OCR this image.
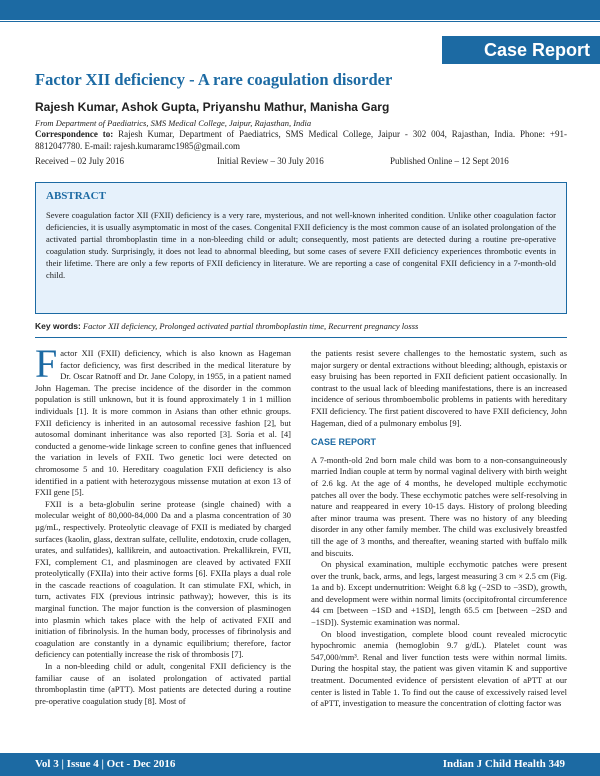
Case Report
Factor XII deficiency - A rare coagulation disorder
Rajesh Kumar, Ashok Gupta, Priyanshu Mathur, Manisha Garg
From Department of Paediatrics, SMS Medical College, Jaipur, Rajasthan, India
Correspondence to: Rajesh Kumar, Department of Paediatrics, SMS Medical College, Jaipur - 302 004, Rajasthan, India. Phone: +91-8812047780. E-mail: rajesh.kumaramc1985@gmail.com
Received – 02 July 2016	Initial Review – 30 July 2016	Published Online – 12 Sept 2016
ABSTRACT
Severe coagulation factor XII (FXII) deficiency is a very rare, mysterious, and not well-known inherited condition. Unlike other coagulation factor deficiencies, it is usually asymptomatic in most of the cases. Congenital FXII deficiency is the most common cause of an isolated prolongation of the activated partial thromboplastin time in a non-bleeding child or adult; consequently, most patients are detected during a routine pre-operative coagulation study. Surprisingly, it does not lead to abnormal bleeding, but some cases of severe FXII deficiency experiences thrombotic events in their lifetime. There are only a few reports of FXII deficiency in literature. We are reporting a case of congenital FXII deficiency in a 7-month-old child.
Key words: Factor XII deficiency, Prolonged activated partial thromboplastin time, Recurrent pregnancy losss

Factor XII (FXII) deficiency, which is also known as Hageman factor deficiency, was first described in the medical literature by Dr. Oscar Ratnoff and Dr. Jane Colopy, in 1955, in a patient named John Hageman. The precise incidence of the disorder in the common population is still unknown, but it is found approximately 1 in 1 million individuals [1]. It is more common in Asians than other ethnic groups. FXII deficiency is inherited in an autosomal recessive fashion [2], but autosomal dominant inheritance was also reported [3]. Soria et al. [4] conducted a genome-wide linkage screen to confine genes that influenced the variation in levels of FXII. Two genetic loci were detected on chromosome 5 and 10. Hereditary coagulation FXII deficiency is also identified in a patient with heterozygous missense mutation at exon 13 of FXII gene [5].

FXII is a beta-globulin serine protease (single chained) with a molecular weight of 80,000-84,000 Da and a plasma concentration of 30 µg/mL, respectively. Proteolytic cleavage of FXII is mediated by charged surfaces (kaolin, glass, dextran sulfate, cellulite, endotoxin, crude collagen, urates, and sulfatides), kallikrein, and autoactivation. Prekallikrein, FVII, FXI, complement C1, and plasminogen are cleaved by activated FXII proteolytically (FXIIa) into their active forms [6]. FXIIa plays a dual role in the cascade reactions of coagulation. It can stimulate FXI, which, in turn, activates FIX (previous intrinsic pathway); however, this is its marginal function. The major function is the conversion of plasminogen into plasmin which takes place with the help of activated FXII and initiation of fibrinolysis. In the human body, processes of fibrinolysis and coagulation are constantly in a dynamic equilibrium; therefore, factor deficiency can potentially increase the risk of thrombosis [7].

In a non-bleeding child or adult, congenital FXII deficiency is the familiar cause of an isolated prolongation of activated partial thromboplastin time (aPTT). Most patients are detected during a routine pre-operative coagulation study [8]. Most of

the patients resist severe challenges to the hemostatic system, such as major surgery or dental extractions without bleeding; although, epistaxis or easy bruising has been reported in FXII deficient patient occasionally. In contrast to the usual lack of bleeding manifestations, there is an increased incidence of serious thromboembolic problems in patients with hereditary FXII deficiency. The first patient discovered to have FXII deficiency, John Hageman, died of a pulmonary embolus [9].

CASE REPORT

A 7-month-old 2nd born male child was born to a non-consanguineously married Indian couple at term by normal vaginal delivery with birth weight of 2.6 kg. At the age of 4 months, he developed multiple ecchymotic patches all over the body. These ecchymotic patches were self-resolving in nature and reappeared in every 10-15 days. History of prolong bleeding after minor trauma was present. There was no history of any bleeding disorder in any other family member. The child was exclusively breastfed till the age of 3 months, and thereafter, weaning started with buffalo milk and biscuits.

On physical examination, multiple ecchymotic patches were present over the trunk, back, arms, and legs, largest measuring 3 cm × 2.5 cm (Fig. 1a and b). Except undernutrition: Weight 6.8 kg (−2SD to −3SD), growth, and development were within normal limits (occipitofrontal circumference 44 cm [between −1SD and +1SD], length 65.5 cm [between −2SD and −1SD]). Systemic examination was normal.

On blood investigation, complete blood count revealed microcytic hypochromic anemia (hemoglobin 9.7 g/dL). Platelet count was 547,000/mm³. Renal and liver function tests were within normal limits. During the hospital stay, the patient was given vitamin K and supportive treatment. Documented evidence of persistent elevation of aPTT at our center is listed in Table 1. To find out the cause of excessively raised level of aPTT, investigation to measure the concentration of clotting factor was

Vol 3 | Issue 4 | Oct - Dec 2016	Indian J Child Health 349
